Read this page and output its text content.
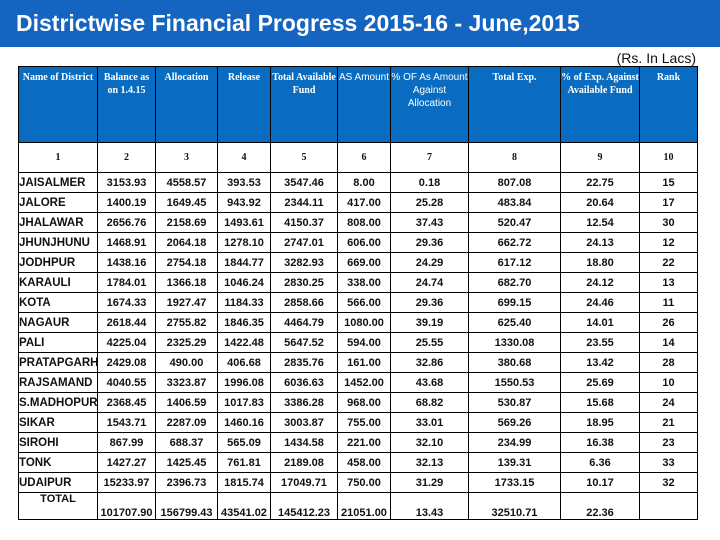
Districtwise Financial Progress 2015-16 - June,2015
(Rs. In Lacs)
Name of District	Balance as on 1.4.15	Allocation	Release	Total Available Fund	AS Amount	% OF As Amount Against Allocation	Total Exp.	% of Exp. Against Available Fund	Rank
1	2	3	4	5	6	7	8	9	10
JAISALMER	3153.93	4558.57	393.53	3547.46	8.00	0.18	807.08	22.75	15
JALORE	1400.19	1649.45	943.92	2344.11	417.00	25.28	483.84	20.64	17
JHALAWAR	2656.76	2158.69	1493.61	4150.37	808.00	37.43	520.47	12.54	30
JHUNJHUNU	1468.91	2064.18	1278.10	2747.01	606.00	29.36	662.72	24.13	12
JODHPUR	1438.16	2754.18	1844.77	3282.93	669.00	24.29	617.12	18.80	22
KARAULI	1784.01	1366.18	1046.24	2830.25	338.00	24.74	682.70	24.12	13
KOTA	1674.33	1927.47	1184.33	2858.66	566.00	29.36	699.15	24.46	11
NAGAUR	2618.44	2755.82	1846.35	4464.79	1080.00	39.19	625.40	14.01	26
PALI	4225.04	2325.29	1422.48	5647.52	594.00	25.55	1330.08	23.55	14
PRATAPGARH	2429.08	490.00	406.68	2835.76	161.00	32.86	380.68	13.42	28
RAJSAMAND	4040.55	3323.87	1996.08	6036.63	1452.00	43.68	1550.53	25.69	10
S.MADHOPUR	2368.45	1406.59	1017.83	3386.28	968.00	68.82	530.87	15.68	24
SIKAR	1543.71	2287.09	1460.16	3003.87	755.00	33.01	569.26	18.95	21
SIROHI	867.99	688.37	565.09	1434.58	221.00	32.10	234.99	16.38	23
TONK	1427.27	1425.45	761.81	2189.08	458.00	32.13	139.31	6.36	33
UDAIPUR	15233.97	2396.73	1815.74	17049.71	750.00	31.29	1733.15	10.17	32
TOTAL	101707.90	156799.43	43541.02	145412.23	21051.00	13.43	32510.71	22.36	
